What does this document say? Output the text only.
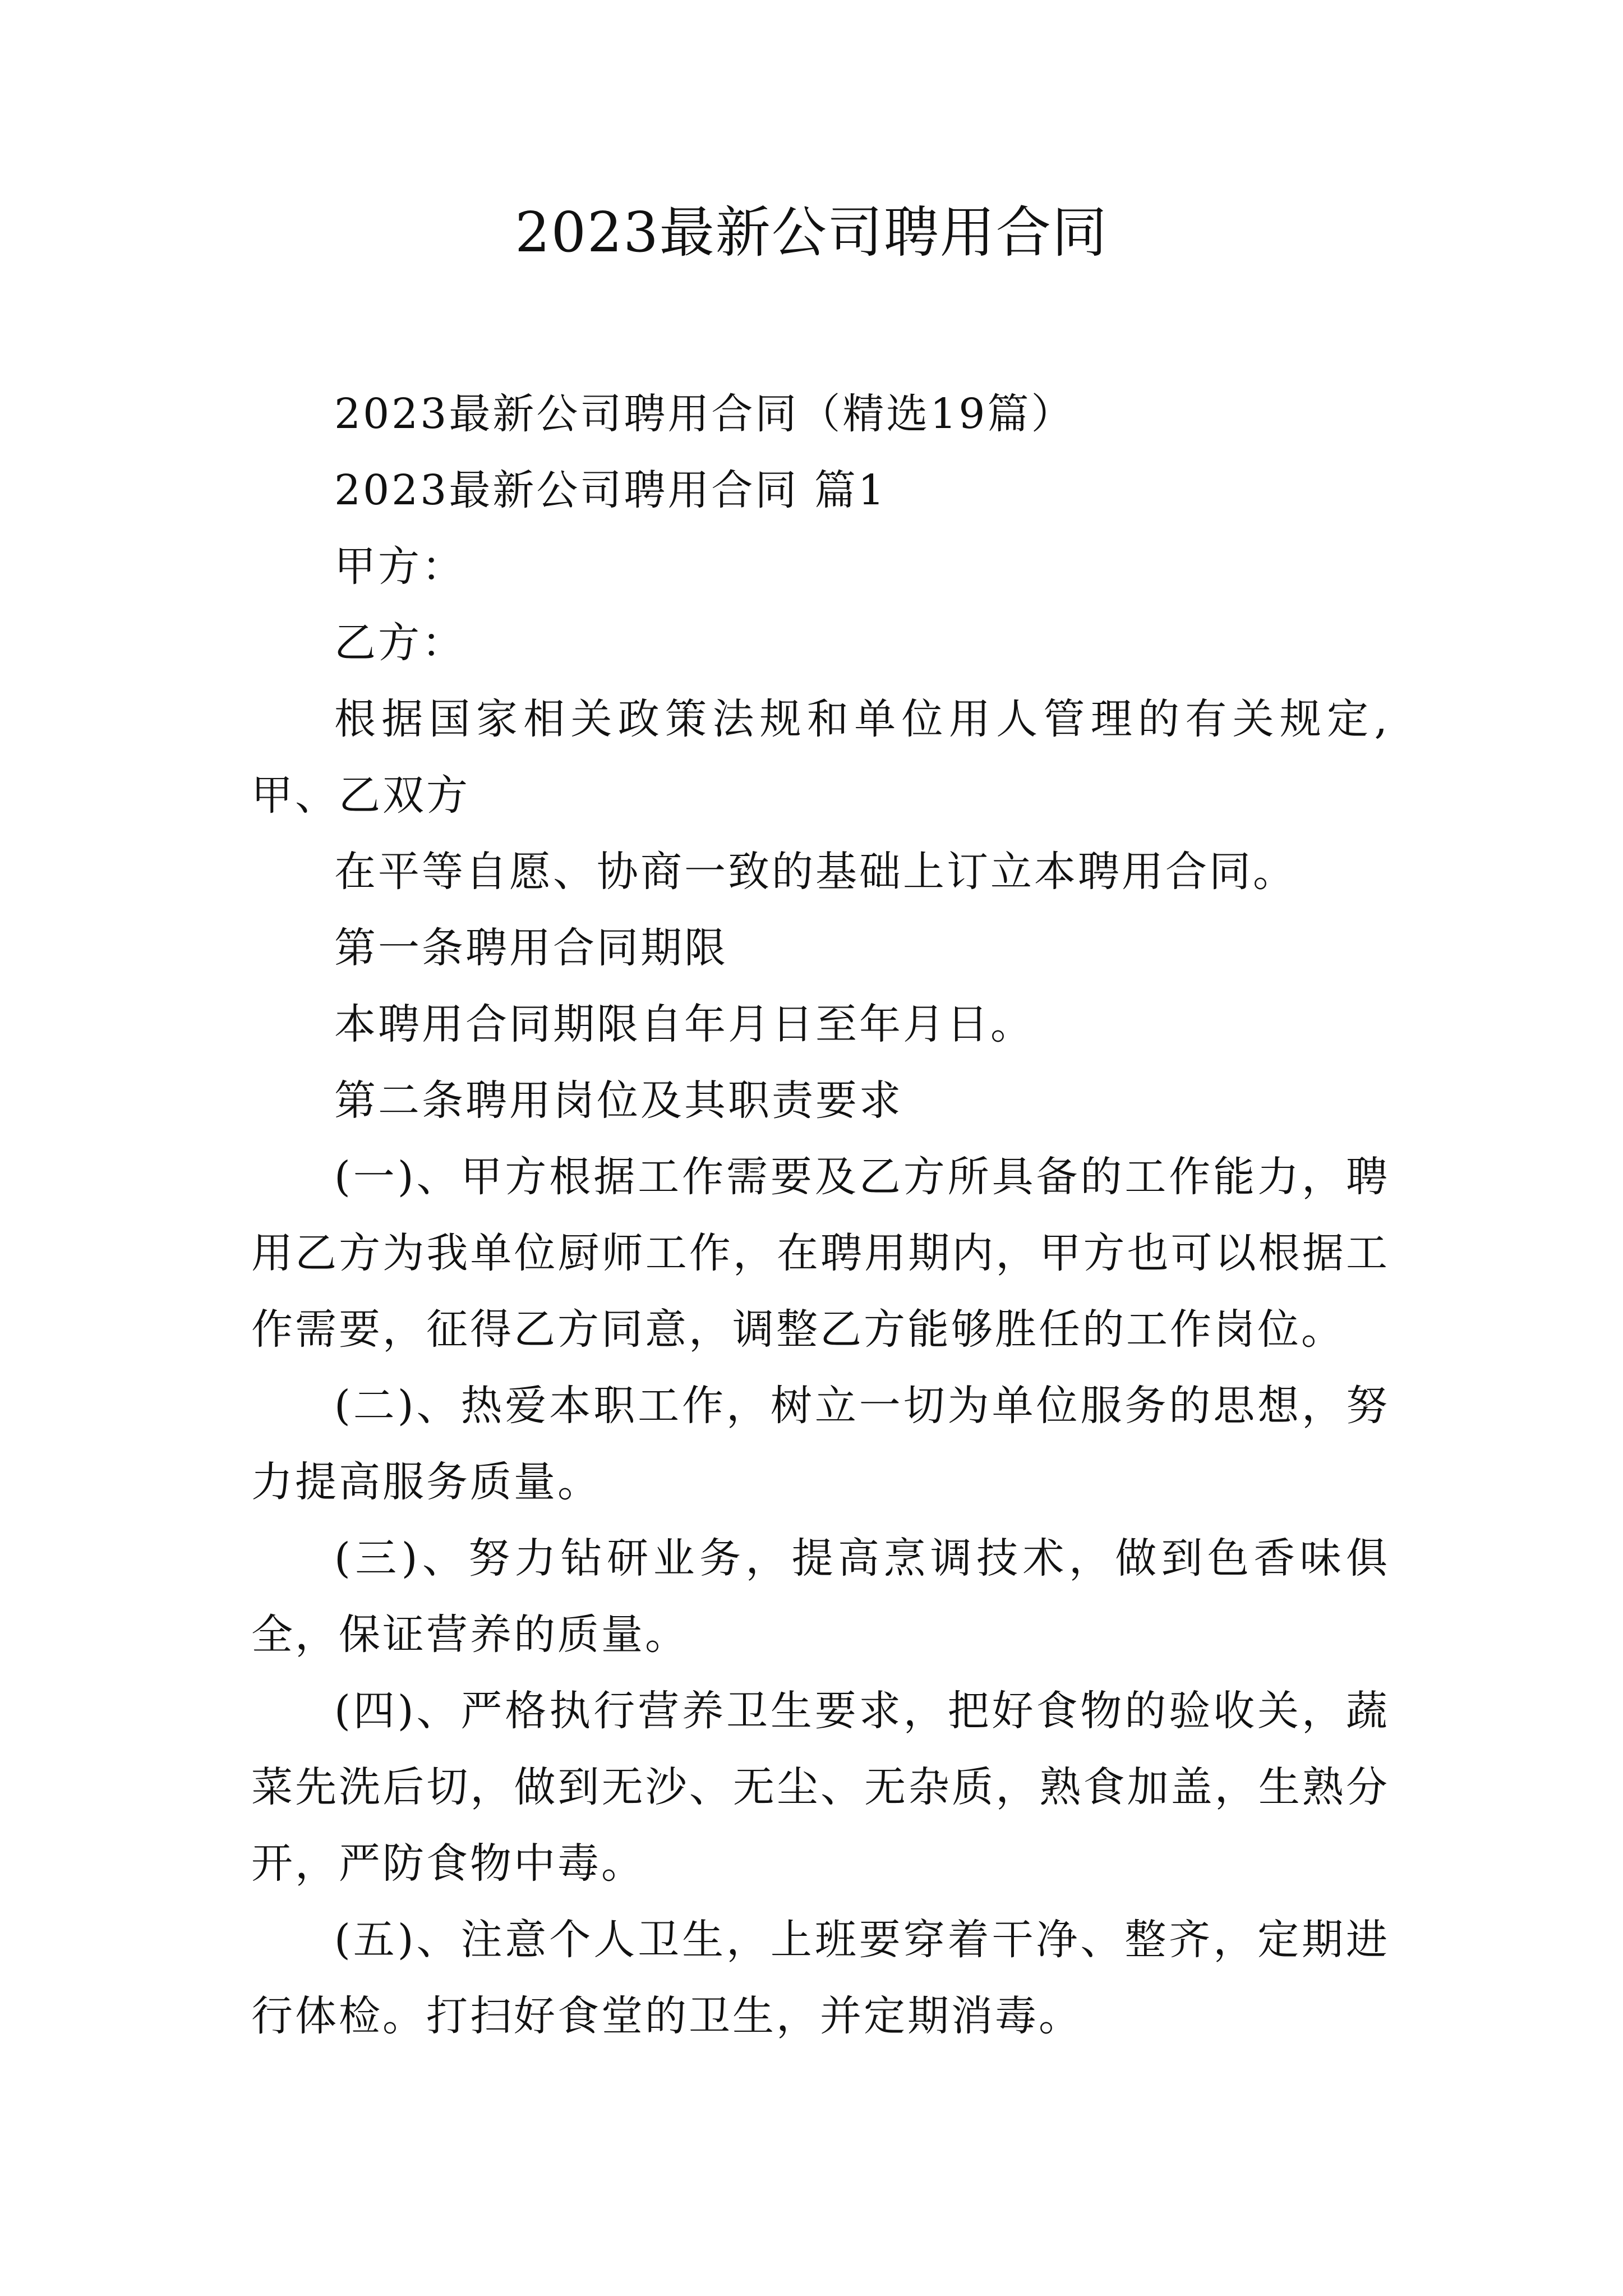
2023最新公司聘用合同

2023最新公司聘用合同（精选19篇）

2023最新公司聘用合同 篇1

甲方：

乙方：

根据国家相关政策法规和单位用人管理的有关规定,甲、乙双方

在平等自愿、协商一致的基础上订立本聘用合同。

第一条聘用合同期限

本聘用合同期限自年月日至年月日。

第二条聘用岗位及其职责要求

(一)、甲方根据工作需要及乙方所具备的工作能力，聘用乙方为我单位厨师工作，在聘用期内，甲方也可以根据工作需要，征得乙方同意，调整乙方能够胜任的工作岗位。

(二)、热爱本职工作，树立一切为单位服务的思想，努力提高服务质量。

(三)、努力钻研业务，提高烹调技术，做到色香味俱全，保证营养的质量。

(四)、严格执行营养卫生要求，把好食物的验收关，蔬菜先洗后切，做到无沙、无尘、无杂质，熟食加盖，生熟分开，严防食物中毒。

(五)、注意个人卫生，上班要穿着干净、整齐，定期进行体检。打扫好食堂的卫生，并定期消毒。
